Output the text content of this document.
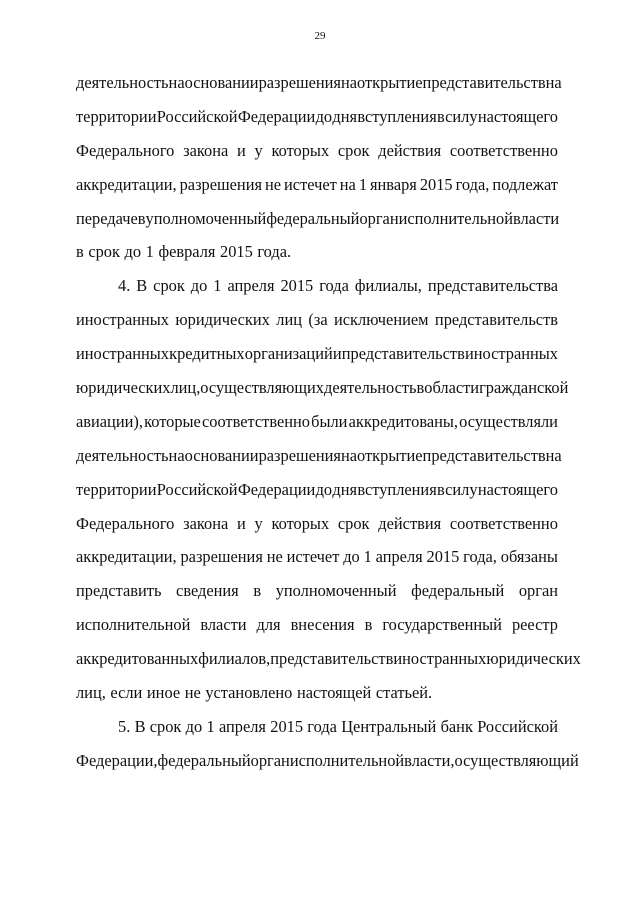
29
деятельность на основании разрешения на открытие представительств на
территории Российской Федерации до дня вступления в силу настоящего
Федерального закона и у которых срок действия соответственно
аккредитации, разрешения не истечет на 1 января 2015 года, подлежат
передаче в уполномоченный федеральный орган исполнительной власти
в срок до 1 февраля 2015 года.
4. В срок до 1 апреля 2015 года филиалы, представительства
иностранных юридических лиц (за исключением представительств
иностранных кредитных организаций и представительств иностранных
юридических лиц, осуществляющих деятельность в области гражданской
авиации), которые соответственно были аккредитованы, осуществляли
деятельность на основании разрешения на открытие представительств на
территории Российской Федерации до дня вступления в силу настоящего
Федерального закона и у которых срок действия соответственно
аккредитации, разрешения не истечет до 1 апреля 2015 года, обязаны
представить сведения в уполномоченный федеральный орган
исполнительной власти для внесения в государственный реестр
аккредитованных филиалов, представительств иностранных юридических
лиц, если иное не установлено настоящей статьей.
5. В срок до 1 апреля 2015 года Центральный банк Российской
Федерации, федеральный орган исполнительной власти, осуществляющий
